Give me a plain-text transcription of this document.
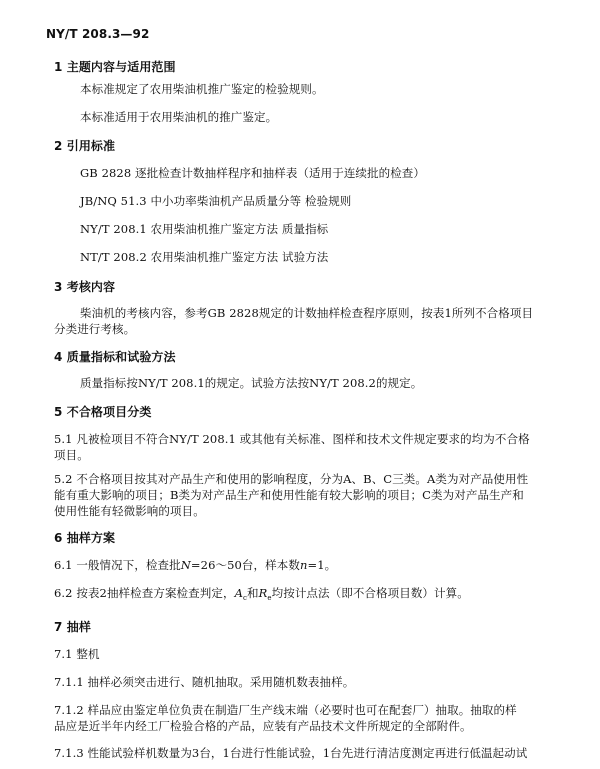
NY/T 208.3—92
1 主题内容与适用范围
本标准规定了农用柴油机推广鉴定的检验规则。
本标准适用于农用柴油机的推广鉴定。
2 引用标准
GB 2828 逐批检查计数抽样程序和抽样表（适用于连续批的检查）
JB/NQ 51.3 中小功率柴油机产品质量分等 检验规则
NY/T 208.1 农用柴油机推广鉴定方法 质量指标
NT/T 208.2 农用柴油机推广鉴定方法 试验方法
3 考核内容
柴油机的考核内容，参考GB 2828规定的计数抽样检查程序原则，按表1所列不合格项目
分类进行考核。
4 质量指标和试验方法
质量指标按NY/T 208.1的规定。试验方法按NY/T 208.2的规定。
5 不合格项目分类
5.1 凡被检项目不符合NY/T 208.1 或其他有关标准、图样和技术文件规定要求的均为不合格
项目。
5.2 不合格项目按其对产品生产和使用的影响程度，分为A、B、C三类。A类为对产品使用性
能有重大影响的项目；B类为对产品生产和使用性能有较大影响的项目；C类为对产品生产和
使用性能有轻微影响的项目。
6 抽样方案
6.1 一般情况下，检查批N=26～50台，样本数n=1。
6.2 按表2抽样检查方案检查判定，$A_c$和$R_e$均按计点法（即不合格项目数）计算。
7 抽样
7.1 整机
7.1.1 抽样必须突击进行、随机抽取。采用随机数表抽样。
7.1.2 样品应由鉴定单位负责在制造厂生产线末端（必要时也可在配套厂）抽取。抽取的样
品应是近半年内经工厂检验合格的产品，应装有产品技术文件所规定的全部附件。
7.1.3 性能试验样机数量为3台，1台进行性能试验，1台先进行清洁度测定再进行低温起动试
